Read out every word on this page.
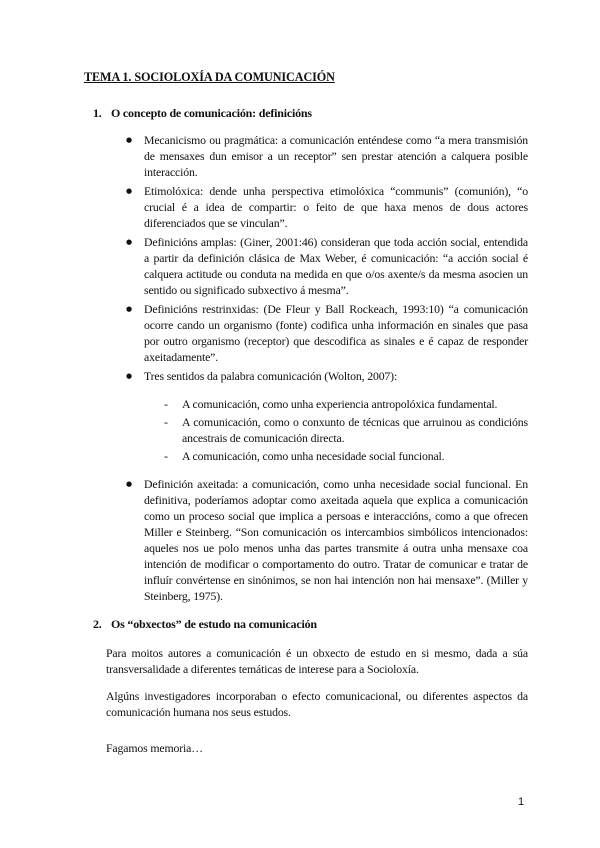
TEMA 1. SOCIOLOXÍA DA COMUNICACIÓN
1. O concepto de comunicación: definicións
● Mecanicismo ou pragmática: a comunicación enténdese como “a mera transmisión de mensaxes dun emisor a un receptor” sen prestar atención a calquera posible interacción.
● Etimolóxica: dende unha perspectiva etimolóxica “communis” (comunión), “o crucial é a idea de compartir: o feito de que haxa menos de dous actores diferenciados que se vinculan”.
● Definicións amplas: (Giner, 2001:46) consideran que toda acción social, entendida a partir da definición clásica de Max Weber, é comunicación: “a acción social é calquera actitude ou conduta na medida en que o/os axente/s da mesma asocien un sentido ou significado subxectivo á mesma”.
● Definicións restrinxidas: (De Fleur y Ball Rockeach, 1993:10) “a comunicación ocorre cando un organismo (fonte) codifica unha información en sinales que pasa por outro organismo (receptor) que descodifica as sinales e é capaz de responder axeitadamente”.
● Tres sentidos da palabra comunicación (Wolton, 2007):
- A comunicación, como unha experiencia antropolóxica fundamental.
- A comunicación, como o conxunto de técnicas que arruinou as condicións ancestrais de comunicación directa.
- A comunicación, como unha necesidade social funcional.
● Definición axeitada: a comunicación, como unha necesidade social funcional. En definitiva, poderíamos adoptar como axeitada aquela que explica a comunicación como un proceso social que implica a persoas e interaccións, como a que ofrecen Miller e Steinberg. “Son comunicación os intercambios simbólicos intencionados: aqueles nos ue polo menos unha das partes transmite á outra unha mensaxe coa intención de modificar o comportamento do outro. Tratar de comunicar e tratar de influír convértense en sinónimos, se non hai intención non hai mensaxe”. (Miller y Steinberg, 1975).
2. Os “obxectos” de estudo na comunicación

Para moitos autores a comunicación é un obxecto de estudo en si mesmo, dada a súa transversalidade a diferentes temáticas de interese para a Socioloxía.

Algúns investigadores incorporaban o efecto comunicacional, ou diferentes aspectos da comunicación humana nos seus estudos.

Fagamos memoria…

1
